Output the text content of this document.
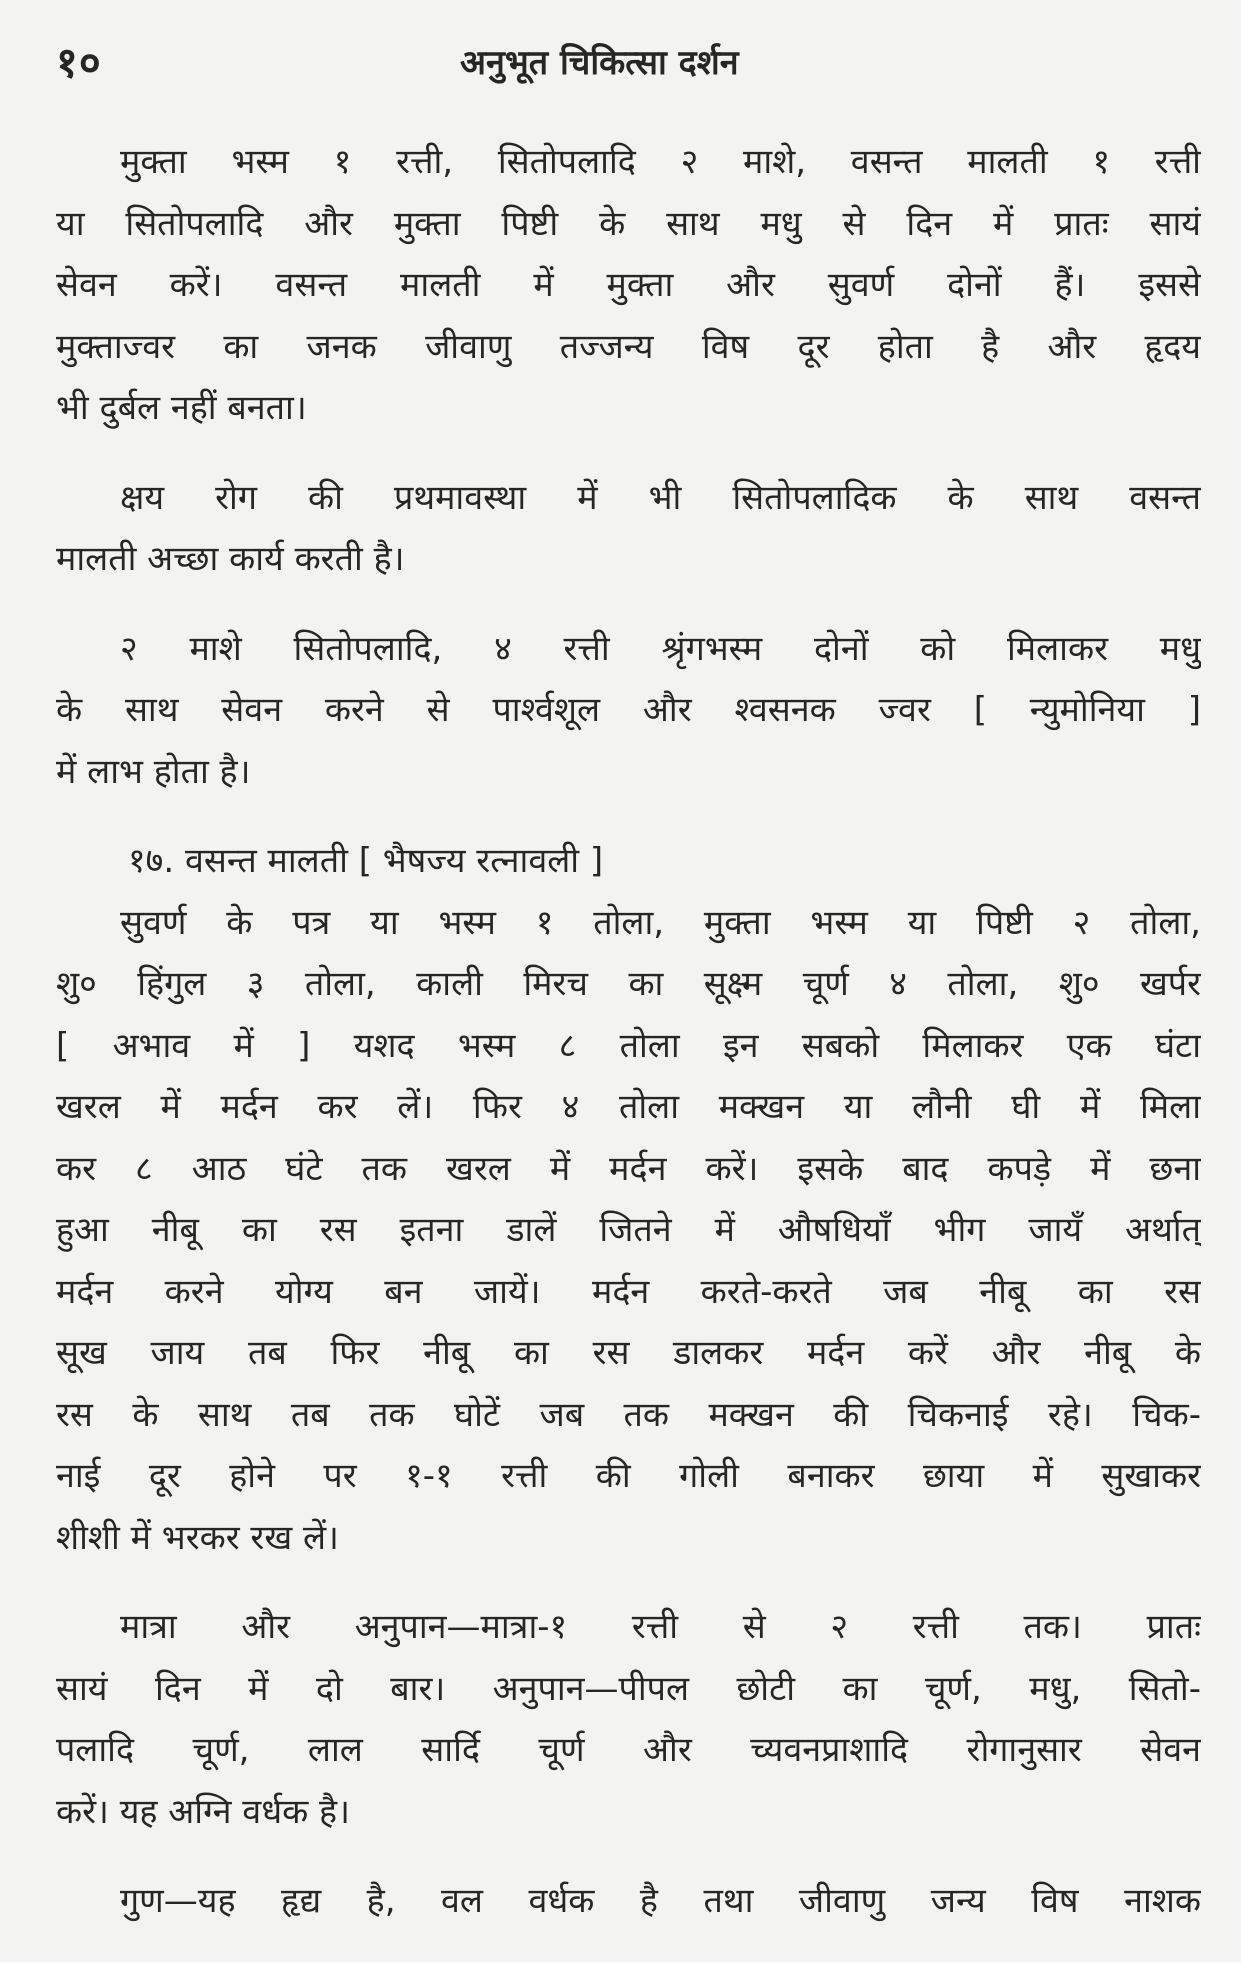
१०	अनुभूत चिकित्सा दर्शन
मुक्ता भस्म १ रत्ती, सितोपलादि २ माशे, वसन्त मालती १ रत्ती
या सितोपलादि और मुक्ता पिष्टी के साथ मधु से दिन में प्रातः सायं
सेवन करें। वसन्त मालती में मुक्ता और सुवर्ण दोनों हैं। इससे
मुक्ताज्वर का जनक जीवाणु तज्जन्य विष दूर होता है और हृदय
भी दुर्बल नहीं बनता।
क्षय रोग की प्रथमावस्था में भी सितोपलादिक के साथ वसन्त
मालती अच्छा कार्य करती है।
२ माशे सितोपलादि, ४ रत्ती श्रृंगभस्म दोनों को मिलाकर मधु
के साथ सेवन करने से पार्श्वशूल और श्वसनक ज्वर [ न्युमोनिया ]
में लाभ होता है।
१७. वसन्त मालती [ भैषज्य रत्नावली ]
सुवर्ण के पत्र या भस्म १ तोला, मुक्ता भस्म या पिष्टी २ तोला,
शु० हिंगुल ३ तोला, काली मिरच का सूक्ष्म चूर्ण ४ तोला, शु० खर्पर
[ अभाव में ] यशद भस्म ८ तोला इन सबको मिलाकर एक घंटा
खरल में मर्दन कर लें। फिर ४ तोला मक्खन या लौनी घी में मिला
कर ८ आठ घंटे तक खरल में मर्दन करें। इसके बाद कपड़े में छना
हुआ नीबू का रस इतना डालें जितने में औषधियाँ भीग जायँ अर्थात्
मर्दन करने योग्य बन जायें। मर्दन करते-करते जब नीबू का रस
सूख जाय तब फिर नीबू का रस डालकर मर्दन करें और नीबू के
रस के साथ तब तक घोटें जब तक मक्खन की चिकनाई रहे। चिक-
नाई दूर होने पर १-१ रत्ती की गोली बनाकर छाया में सुखाकर
शीशी में भरकर रख लें।
मात्रा और अनुपान—मात्रा-१ रत्ती से २ रत्ती तक। प्रातः
सायं दिन में दो बार। अनुपान—पीपल छोटी का चूर्ण, मधु, सितो-
पलादि चूर्ण, लाल सार्दि चूर्ण और च्यवनप्राशादि रोगानुसार सेवन
करें। यह अग्नि वर्धक है।
गुण—यह हृद्य है, वल वर्धक है तथा जीवाणु जन्य विष नाशक
